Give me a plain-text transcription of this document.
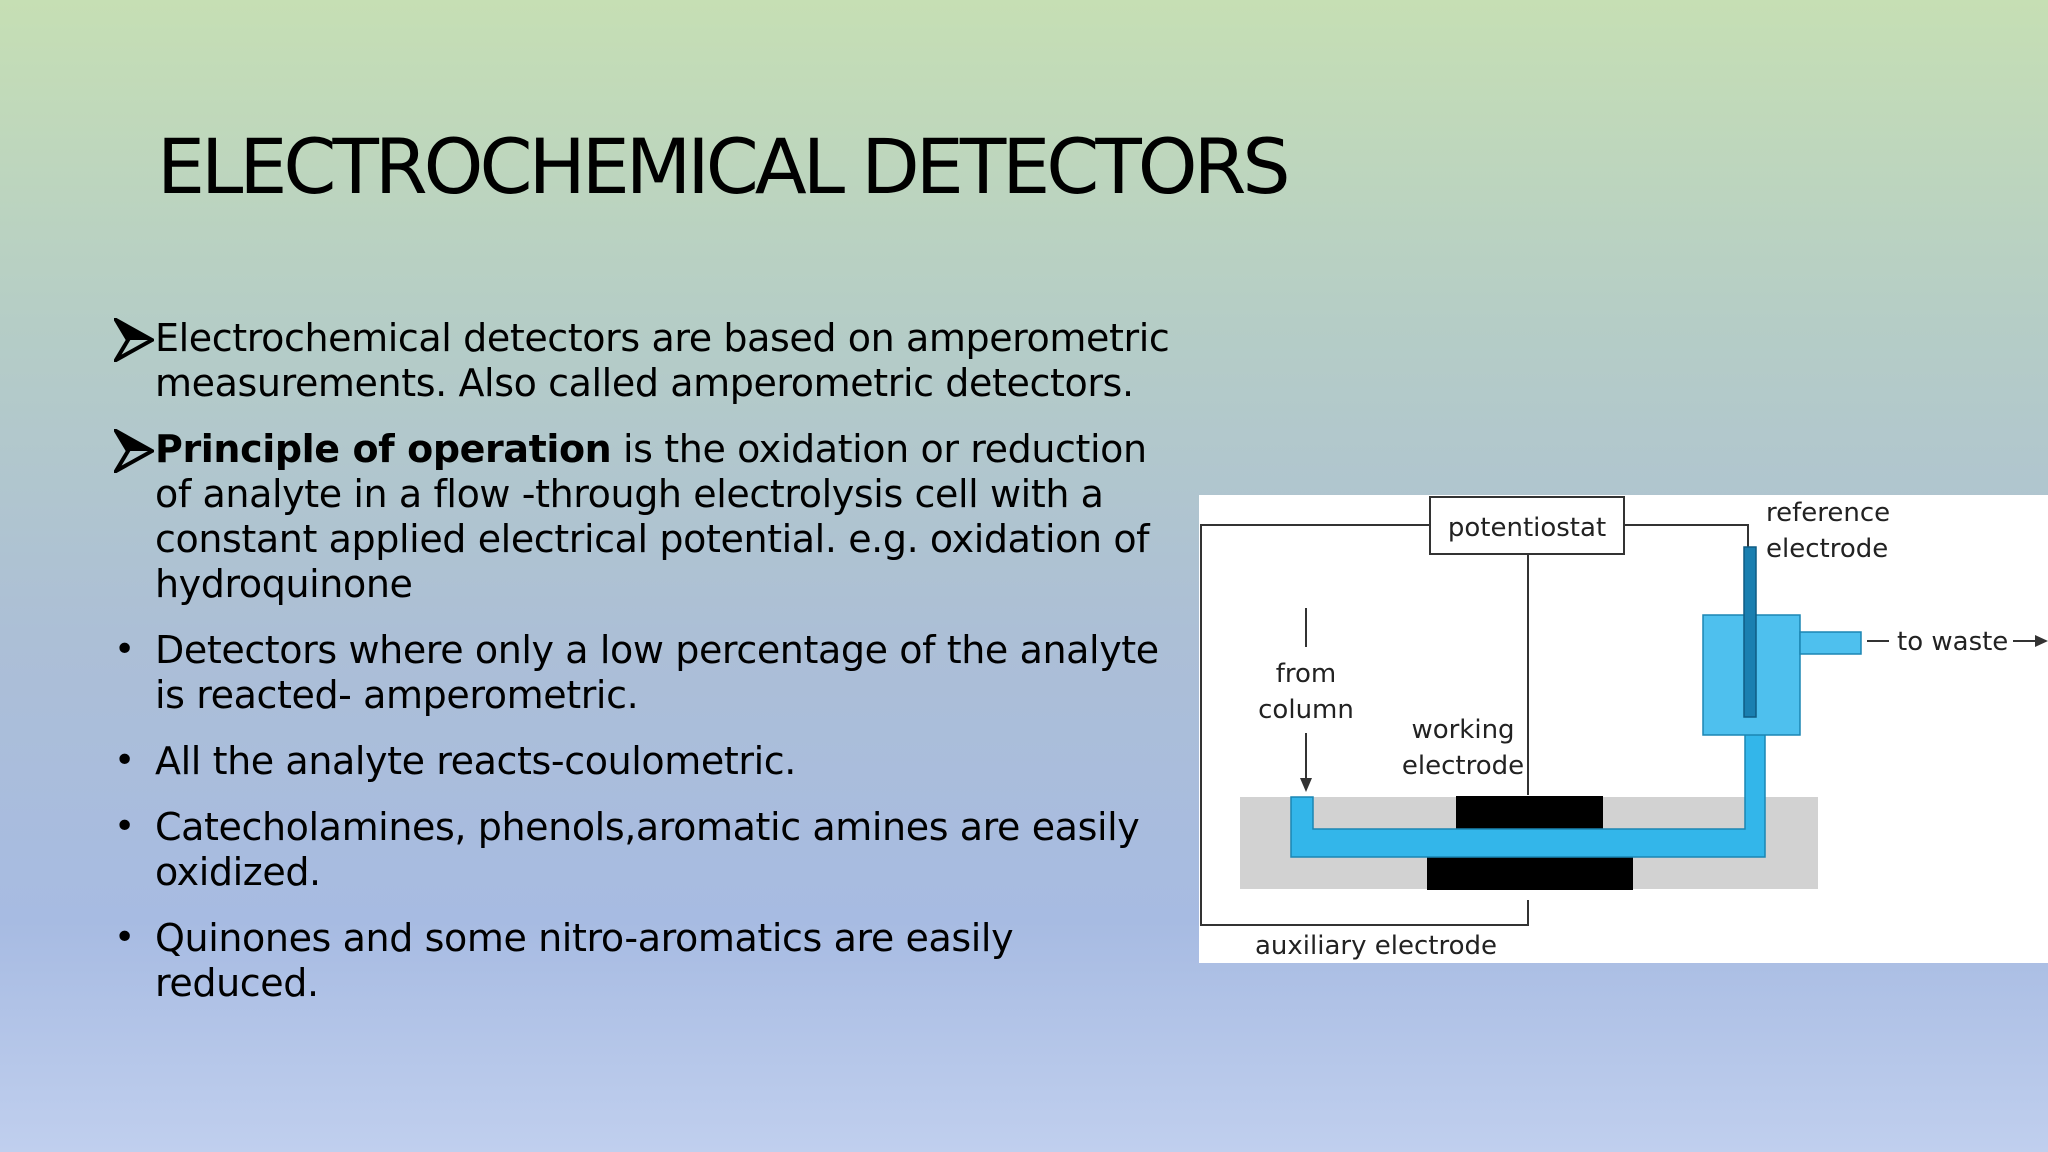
ELECTROCHEMICAL DETECTORS
Electrochemical detectors are based on amperometric measurements. Also called amperometric detectors.
Principle of operation is the oxidation or reduction of analyte in a flow -through electrolysis cell with a constant applied electrical potential. e.g. oxidation of hydroquinone
• Detectors where only a low percentage of the analyte is reacted- amperometric.
• All the analyte reacts-coulometric.
• Catecholamines, phenols,aromatic amines are easily oxidized.
• Quinones and some nitro-aromatics are easily reduced.
potentiostat	reference
electrode
to waste
from
column
working
electrode
auxiliary electrode
